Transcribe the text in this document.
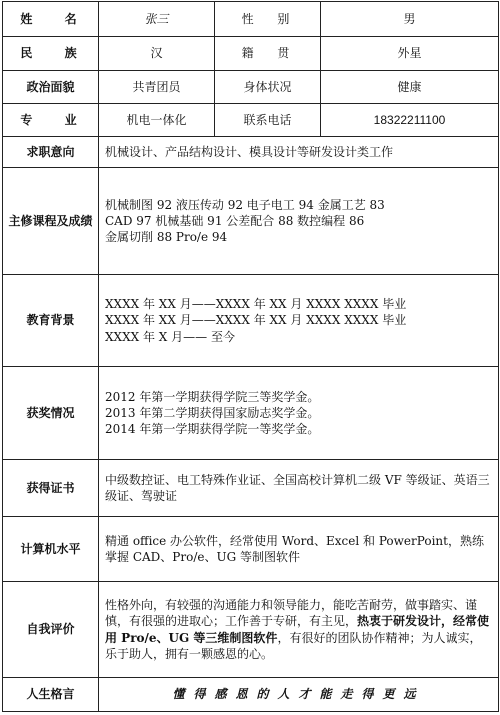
姓 名	张三	性 别	男
民 族	汉	籍 贯	外星
政治面貌	共青团员	身体状况	健康
专 业	机电一体化	联系电话	18322211100
求职意向	机械设计、产品结构设计、模具设计等研发设计类工作		
主修课程及成绩	机械制图 92 液压传动 92 电子电工 94 金属工艺 83
CAD 97 机械基础 91 公差配合 88 数控编程 86
金属切削 88 Pro/e 94		
教育背景	XXXX 年 XX 月——XXXX 年 XX 月 XXXX XXXX 毕业
XXXX 年 XX 月——XXXX 年 XX 月 XXXX XXXX 毕业
XXXX 年 X 月—— 至今		

获奖情况	2012 年第一学期获得学院三等奖学金。
2013 年第二学期获得国家励志奖学金。
2014 年第一学期获得学院一等奖学金。		

获得证书	中级数控证、电工特殊作业证、全国高校计算机二级 VF 等级证、英语三级证、驾驶证		
计算机水平	精通 office 办公软件，经常使用 Word、Excel 和 PowerPoint，熟练掌握 CAD、Pro/e、UG 等制图软件		
自我评价	性格外向，有较强的沟通能力和领导能力，能吃苦耐劳，做事踏实、谨慎，有很强的进取心；工作善于专研，有主见，热衷于研发设计，经常使用 Pro/e、UG 等三维制图软件，有很好的团队协作精神；为人诚实，乐于助人，拥有一颗感恩的心。		
人生格言	懂得感恩的人才能走得更远		
